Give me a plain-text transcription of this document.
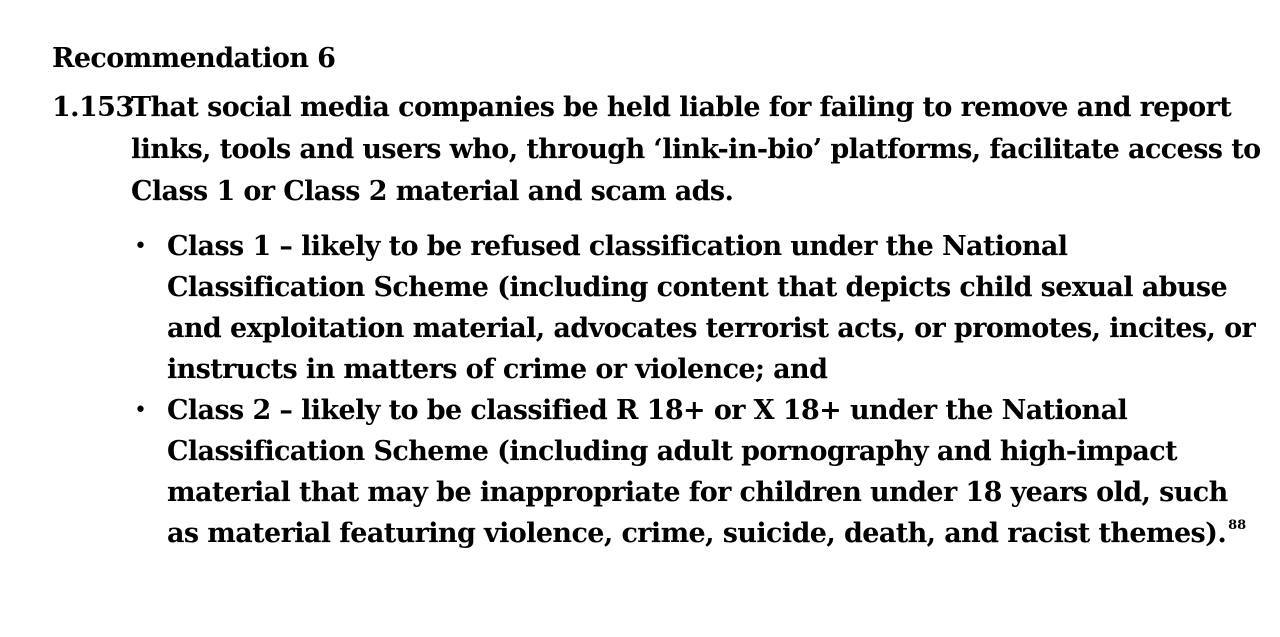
Recommendation 6
1.153
That social media companies be held liable for failing to remove and report
links, tools and users who, through ‘link-in-bio’ platforms, facilitate access to
Class 1 or Class 2 material and scam ads.
• Class 1 – likely to be refused classification under the National
Classification Scheme (including content that depicts child sexual abuse
and exploitation material, advocates terrorist acts, or promotes, incites, or
instructs in matters of crime or violence; and
• Class 2 – likely to be classified R 18+ or X 18+ under the National
Classification Scheme (including adult pornography and high-impact
material that may be inappropriate for children under 18 years old, such
as material featuring violence, crime, suicide, death, and racist themes). $^{88}$
